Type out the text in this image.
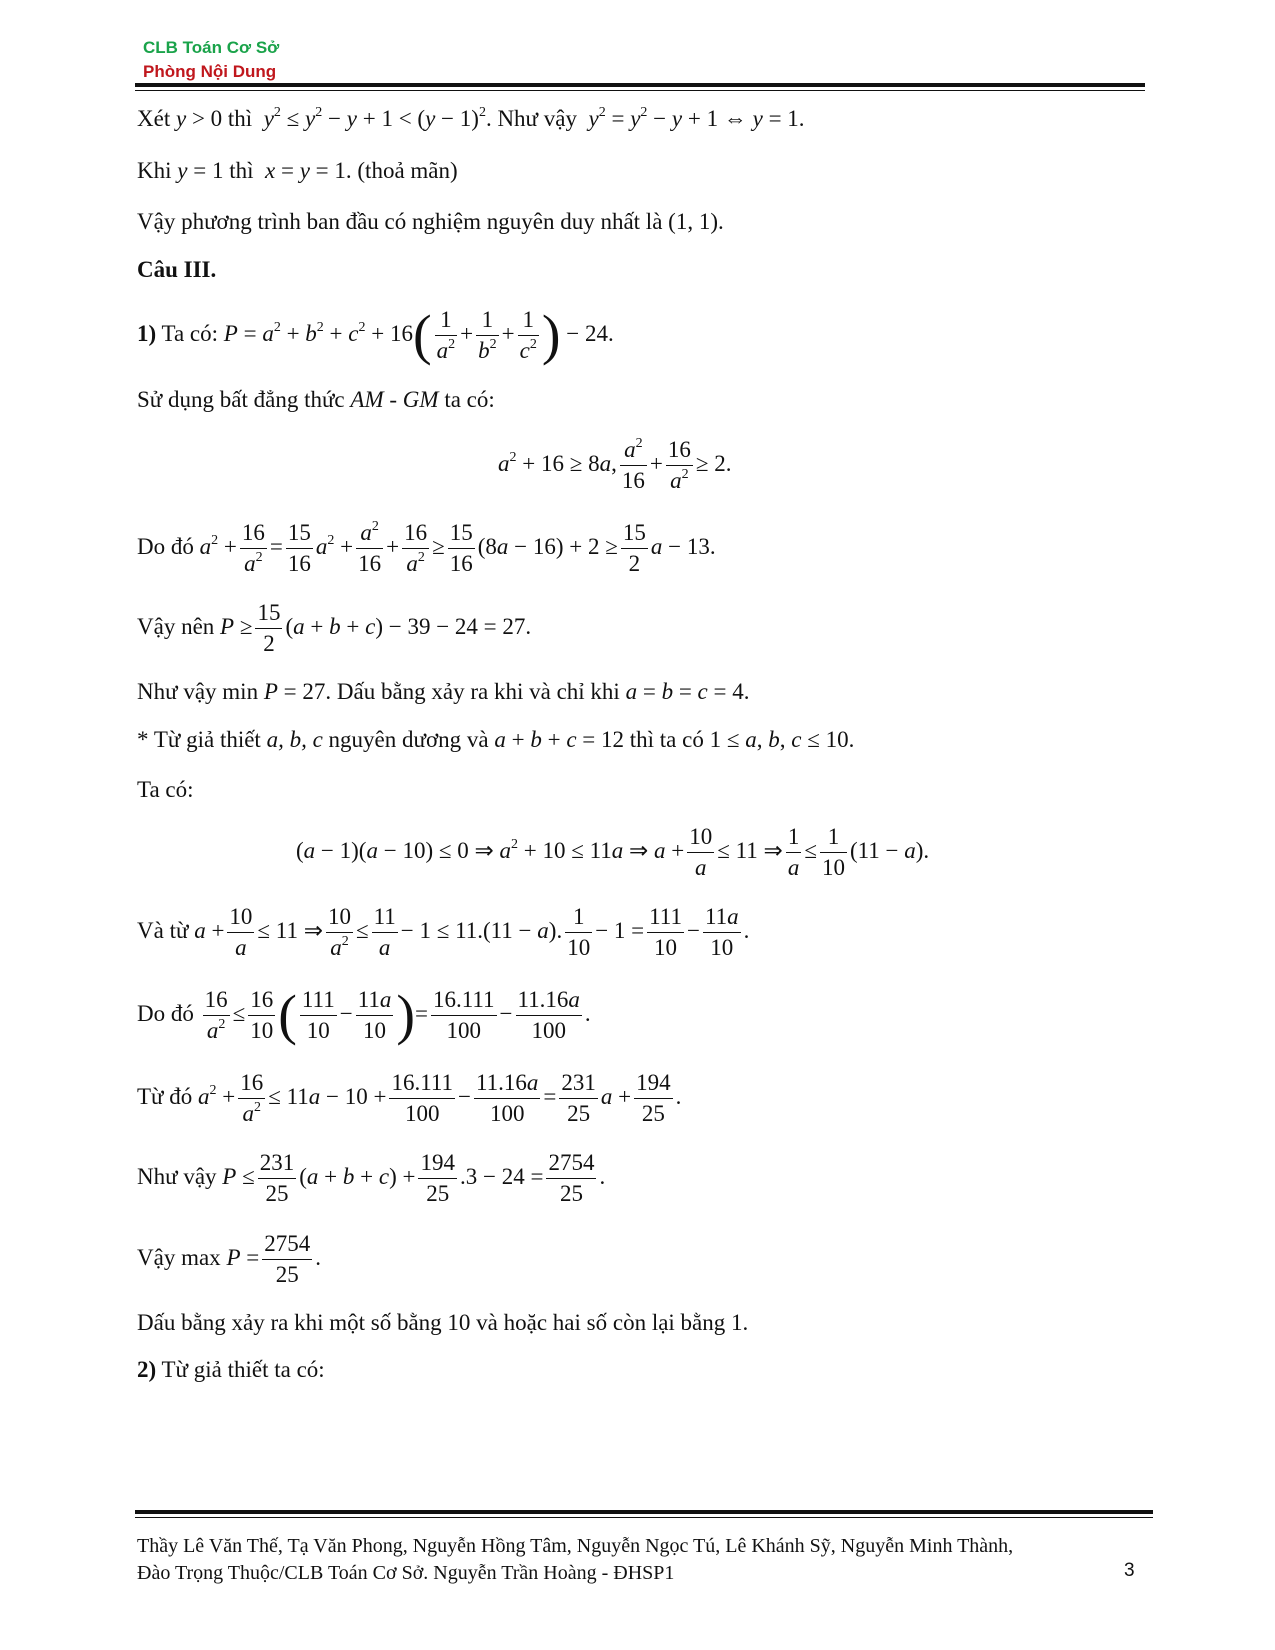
CLB Toán Cơ Sở
Phòng Nội Dung
Xét y > 0 thì  $y^2 \le y^2 - y + 1 < (y - 1)^2$. Như vậy  $y^2 = y^2 - y + 1$ ⇔ y = 1.
Khi y = 1 thì  x = y = 1. (thoả mãn)
Vậy phương trình ban đầu có nghiệm nguyên duy nhất là (1, 1).
Câu III.
1) Ta có: $P = a^2 + b^2 + c^2 + 16( \frac{1}{a^2} + \frac{1}{b^2} + \frac{1}{c^2}$ ) − 24.
Sử dụng bất đẳng thức AM - GM ta có:
$a^2 + 16 \ge 8a$, $\frac{a^2}{16} + \frac{16}{a^2} \ge 2$.
Do đó $a^2 + \frac{16}{a^2} = \frac{15}{16} a^2 + \frac{a^2}{16} + \frac{16}{a^2} \ge \frac{15}{16} (8a - 16) + 2 \ge \frac{15}{2}$ a − 13.
Vậy nên $P \ge \frac{15}{2} (a + b + c) - 39 - 24 = 27$.
Như vậy min P = 27. Dấu bằng xảy ra khi và chỉ khi a = b = c = 4.
* Từ giả thiết a, b, c nguyên dương và a + b + c = 12 thì ta có 1 ≤ a, b, c ≤ 10.
Ta có:
(a − 1)(a − 10) ≤ 0 ⇒ $a^2 + 10 \le 11a$ ⇒ $a + \frac{10}{a} \le 11$ ⇒ $\frac{1}{a} \le \frac{1}{10} (11 - a)$.
Và từ $a + \frac{10}{a} \le 11$ ⇒ $\frac{10}{a^2} \le \frac{11}{a} - 1 \le 11.(11 - a)$. $\frac{1}{10} - 1 = \frac{111}{10} - \frac{11a}{10}$ .
Do đó $\frac{16}{a^2} \le \frac{16}{10}$ ( $\frac{111}{10} - \frac{11a}{10}$ )= $\frac{16.111}{100} - \frac{11.16a}{100}$ .
Từ đó $a^2 + \frac{16}{a^2} \le 11a - 10 + \frac{16.111}{100} - \frac{11.16a}{100} = \frac{231}{25}$ $a + \frac{194}{25}$ .
Như vậy $P \le \frac{231}{25} (a + b + c) + \frac{194}{25} .3 - 24 = \frac{2754}{25}$ .
Vậy $\max P = \frac{2754}{25}$ .
Dấu bằng xảy ra khi một số bằng 10 và hoặc hai số còn lại bằng 1.
2) Từ giả thiết ta có:
Thầy Lê Văn Thế, Tạ Văn Phong, Nguyễn Hồng Tâm, Nguyễn Ngọc Tú, Lê Khánh Sỹ, Nguyễn Minh Thành,
Đào Trọng Thuộc/CLB Toán Cơ Sở. Nguyễn Trần Hoàng - ĐHSP1	3
